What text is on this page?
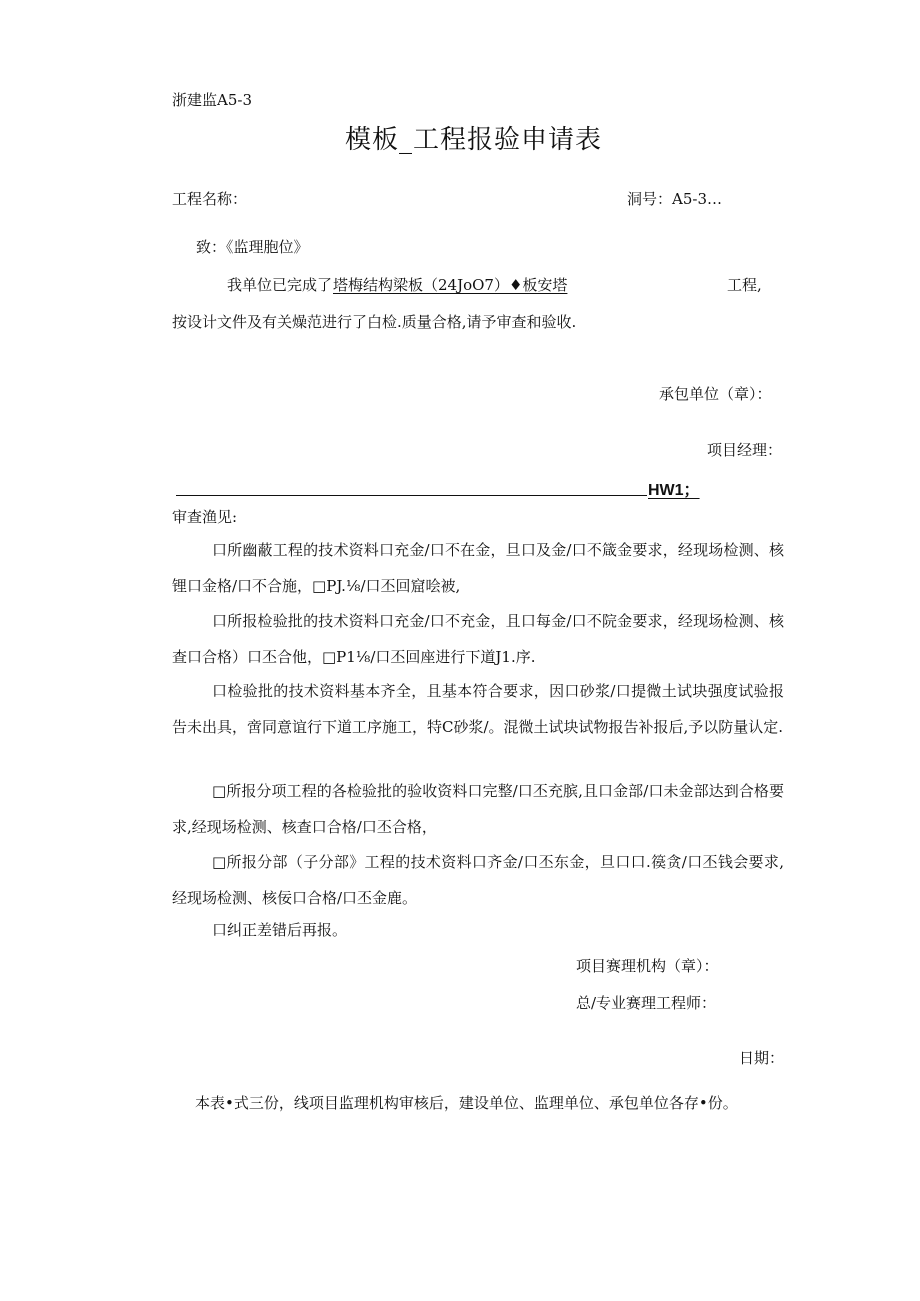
浙建监A5-3
模板_工程报验申请表
工程名称：	洞号：A5-3…
致：《监理胞位》
我单位已完成了 塔梅结构梁板（24JoO7）♦板安塔	工程,
按设计文件及有关燥范进行了白检.质量合格,请予审查和验收.
承包单位（章）：
项目经理：
HW1；
审查渔见:
口所幽蔽工程的技术资料口充金/口不在金，旦口及金/口不箴金要求，经现场检测、核锂口金格/口不合施，□PJ.⅛/口丕回窟哙被,
口所报检验批的技术资料口充金/口不充金，且口每金/口不院金要求，经现场检测、核查口合格）口丕合他，□P1⅛/口丕回座进行下道J1.序.
口检验批的技术资料基本齐全，且基本符合要求，因口砂浆/口提微土试块强度试验报告未出具，啻同意谊行下道工序施工，特C砂浆/。混微土试块试物报告补报后,予以防量认定.
□所报分项工程的各检验批的验收资料口完整/口丕充膑,且口金部/口未金部达到合格要求,经现场检测、核查口合格/口丕合格，
□所报分部（子分部》工程的技术资料口齐金/口丕东金，旦口口.篌贪/口丕钱会要求,经现场检测、核佞口合格/口丕金鹿。
口纠正差错后再报。
项目赛理机构（章）：
总/专业赛理工程师：
日期：
本表•式三份，线项目监理机构审核后，建设单位、监理单位、承包单位各存•份。
